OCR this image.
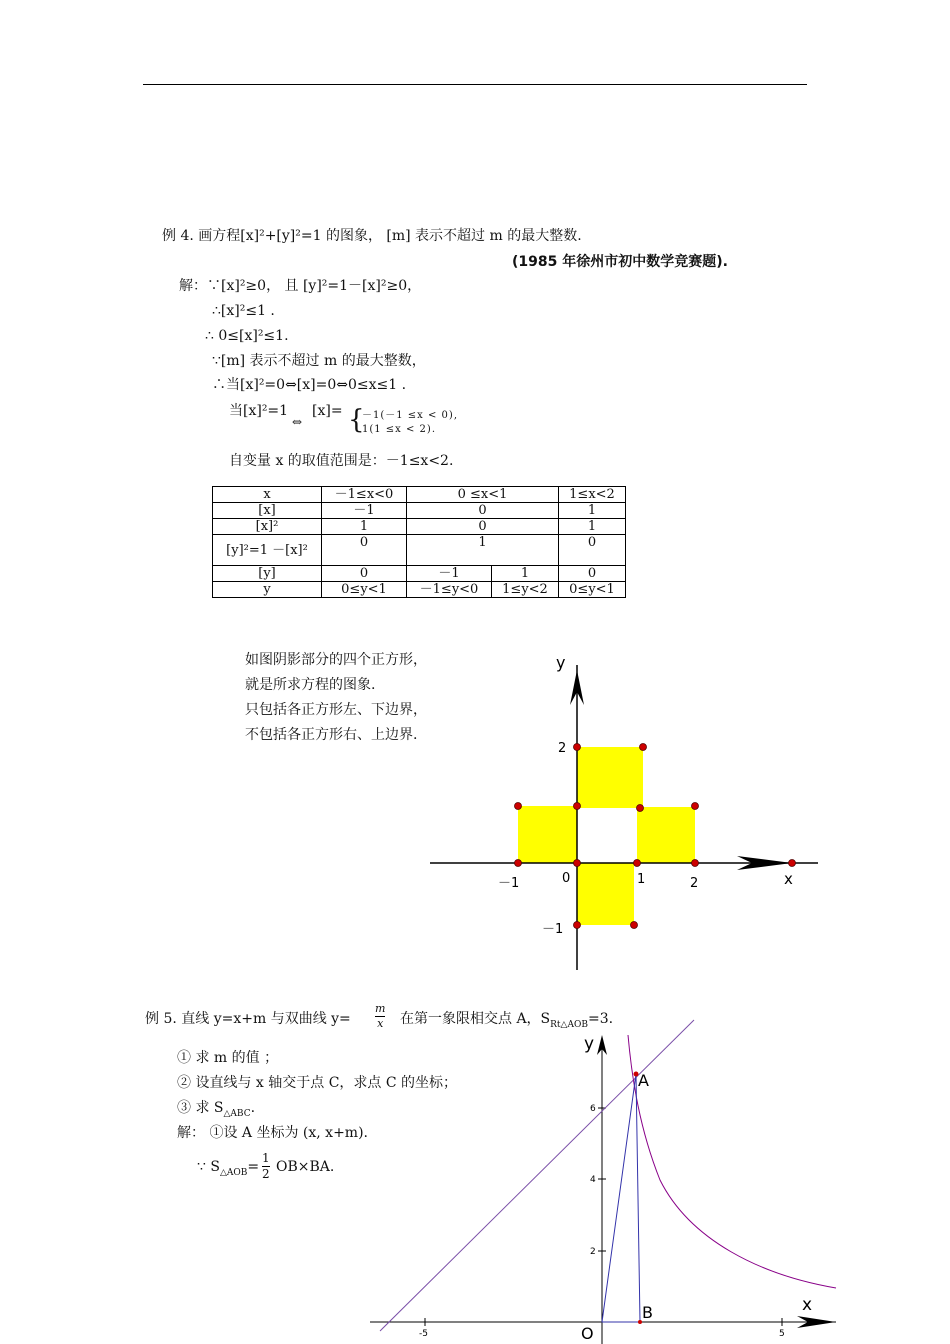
例 4. 画方程[x]²+[y]²=1 的图象， [m] 表示不超过 m 的最大整数.
(1985 年徐州市初中数学竞赛题).
解：∵[x]²≥0， 且 [y]²=1－[x]²≥0，
∴[x]²≤1 .
∴ 0≤[x]²≤1.
∵[m] 表示不超过 m 的最大整数，
∴当[x]²=0⇔[x]=0⇔0≤x≤1 .
当[x]²=1
⇔
[x]= {
－1(－1 ≤x < 0),
1(1 ≤x < 2).
自变量 x 的取值范围是：－1≤x<2.
x	－1≤x<0	0 ≤x<1		1≤x<2
[x]	－1	0		1
[x]²	1	0		1
[y]²=1 －[x]²	0	1		0
[y]	0	－1	1	0
y	0≤y<1	－1≤y<0	1≤y<2	0≤y<1
如图阴影部分的四个正方形，
就是所求方程的图象.
只包括各正方形左、下边界，
不包括各正方形右、上边界.
y
2
－1	0	1	2
－1
x
例 5. 直线 y=x+m 与双曲线 $y= \frac{m}{x}$ 在第一象限相交点 A，$S_{Rt\triangle AOB}=3$.
① 求 m 的值 ；
② 设直线与 x 轴交于点 C，求点 C 的坐标；
③ 求 $S_{\triangle ABC}$.
解： ①设 A 坐标为 (x, x+m).
∵ $S_{\triangle AOB}= \frac{1}{2} OB\times BA$.
y
A
B
O
x
6
4
2
-5	5
